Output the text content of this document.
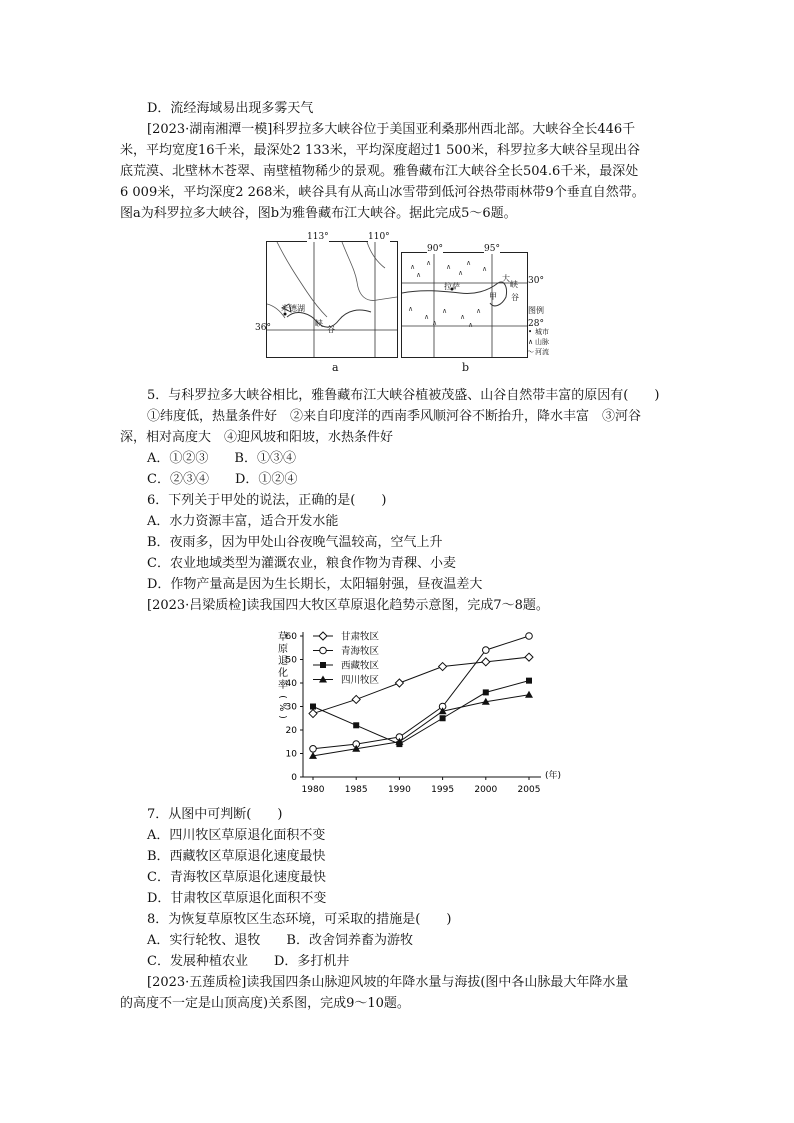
D．流经海域易出现多雾天气
[2023·湖南湘潭一模]科罗拉多大峡谷位于美国亚利桑那州西北部。大峡谷全长446千
米，平均宽度16千米，最深处2 133米，平均深度超过1 500米，科罗拉多大峡谷呈现出谷
底荒漠、北壁林木苍翠、南壁植物稀少的景观。雅鲁藏布江大峡谷全长504.6千米，最深处
6 009米，平均深度2 268米，峡谷具有从高山冰雪带到低河谷热带雨林带9个垂直自然带。
图a为科罗拉多大峡谷，图b为雅鲁藏布江大峡谷。据此完成5～6题。
113°	110°
36°
米德湖
峡
谷
a
∧ ∧ ∧ ∧
∧
∧	∧
∧
∧
∧
∧
∧
∧	∧
90°	95°
拉萨
大
峡
甲 谷
30°
28°
图例
• 城市
∧ 山脉
〜 河流
b
5．与科罗拉多大峡谷相比，雅鲁藏布江大峡谷植被茂盛、山谷自然带丰富的原因有(　　)
①纬度低，热量条件好　②来自印度洋的西南季风顺河谷不断抬升，降水丰富　③河谷
深，相对高度大　④迎风坡和阳坡，水热条件好
A．①②③　　B．①③④
C．②③④　　D．①②④
6．下列关于甲处的说法，正确的是(　　)
A．水力资源丰富，适合开发水能
B．夜雨多，因为甲处山谷夜晚气温较高，空气上升
C．农业地域类型为灌溉农业，粮食作物为青稞、小麦
D．作物产量高是因为生长期长，太阳辐射强，昼夜温差大
[2023·吕梁质检]读我国四大牧区草原退化趋势示意图，完成7～8题。
0
10
20
30
40
50
60
1980 1985 1990 1995 2000 2005
(年)
草
原
退
化
率
(
%
)
甘肃牧区
青海牧区
西藏牧区
四川牧区
7．从图中可判断(　　)
A．四川牧区草原退化面积不变
B．西藏牧区草原退化速度最快
C．青海牧区草原退化速度最快
D．甘肃牧区草原退化面积不变
8．为恢复草原牧区生态环境，可采取的措施是(　　)
A．实行轮牧、退牧　　B．改舍饲养畜为游牧
C．发展种植农业　　D．多打机井
[2023·五莲质检]读我国四条山脉迎风坡的年降水量与海拔(图中各山脉最大年降水量
的高度不一定是山顶高度)关系图，完成9～10题。
